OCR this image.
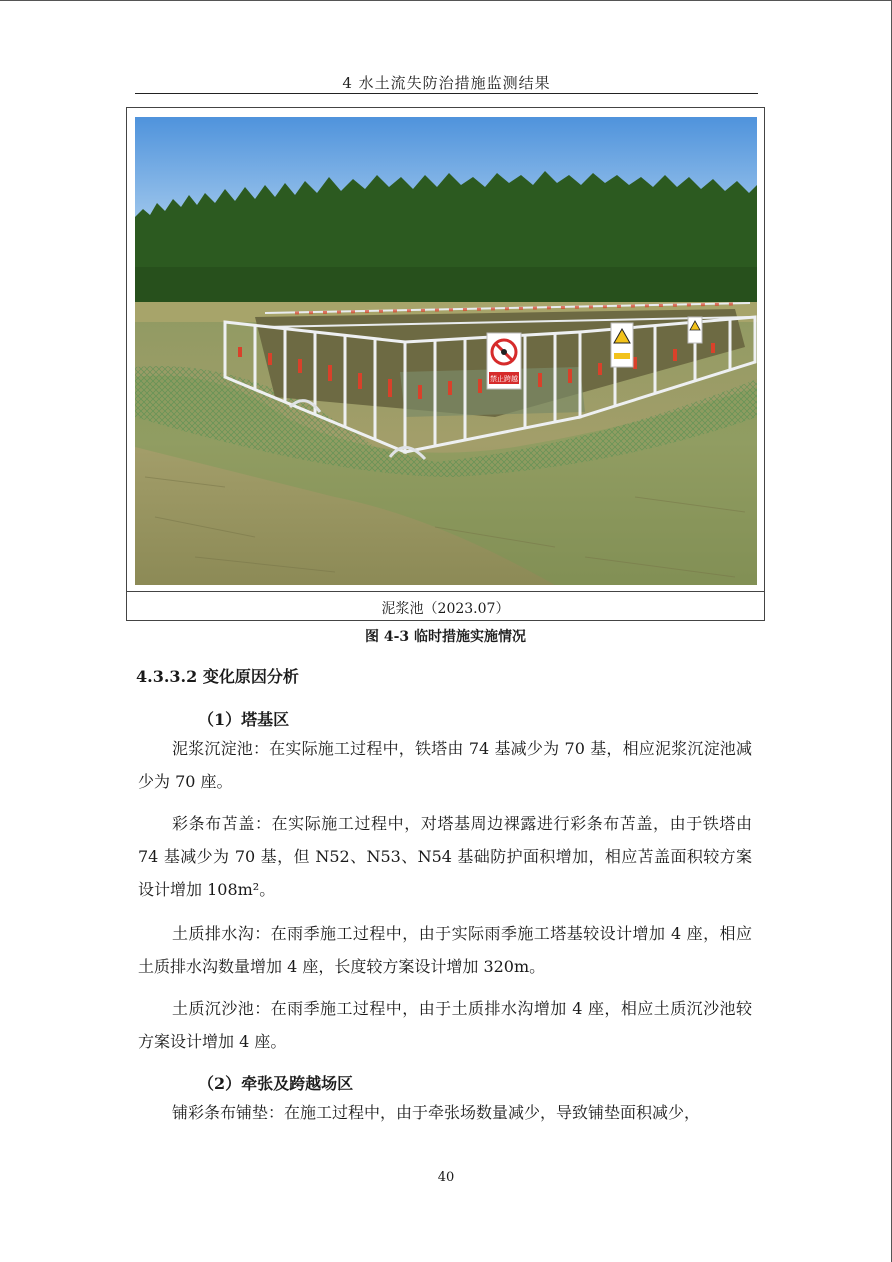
4 水土流失防治措施监测结果
禁止跨越
泥浆池（2023.07）
图 4-3 临时措施实施情况
4.3.3.2 变化原因分析
（1）塔基区
泥浆沉淀池：在实际施工过程中，铁塔由 74 基减少为 70 基，相应泥浆沉淀池减少为 70 座。
彩条布苫盖：在实际施工过程中，对塔基周边裸露进行彩条布苫盖，由于铁塔由 74 基减少为 70 基，但 N52、N53、N54 基础防护面积增加，相应苫盖面积较方案设计增加 108m²。
土质排水沟：在雨季施工过程中，由于实际雨季施工塔基较设计增加 4 座，相应土质排水沟数量增加 4 座，长度较方案设计增加 320m。
土质沉沙池：在雨季施工过程中，由于土质排水沟增加 4 座，相应土质沉沙池较方案设计增加 4 座。
（2）牵张及跨越场区
铺彩条布铺垫：在施工过程中，由于牵张场数量减少，导致铺垫面积减少，
40
